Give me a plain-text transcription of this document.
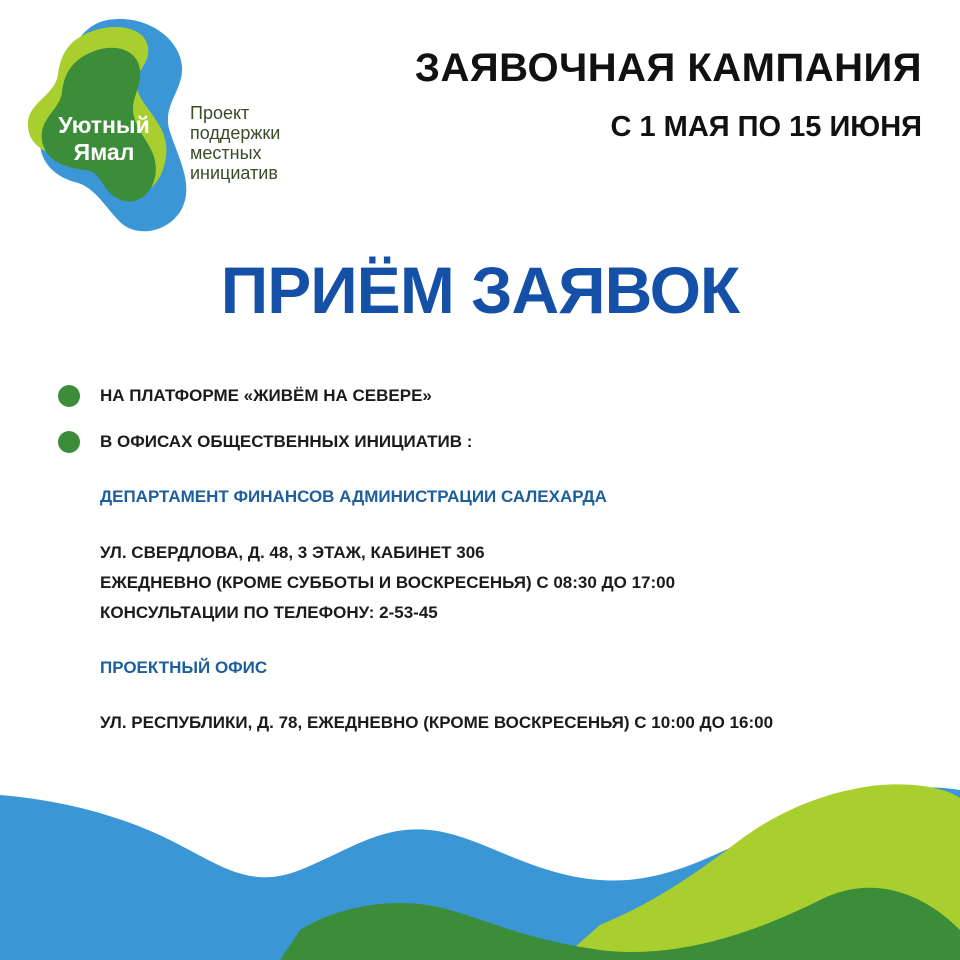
Уютный
Ямал
Проект
поддержки
местных
инициатив
ЗАЯВОЧНАЯ КАМПАНИЯ
С 1 МАЯ ПО 15 ИЮНЯ
ПРИЁМ ЗАЯВОК
НА ПЛАТФОРМЕ «ЖИВЁМ НА СЕВЕРЕ»
В ОФИСАХ ОБЩЕСТВЕННЫХ ИНИЦИАТИВ :
ДЕПАРТАМЕНТ ФИНАНСОВ АДМИНИСТРАЦИИ САЛЕХАРДА
УЛ. СВЕРДЛОВА, Д. 48, 3 ЭТАЖ, КАБИНЕТ 306
ЕЖЕДНЕВНО (КРОМЕ СУББОТЫ И ВОСКРЕСЕНЬЯ) С 08:30 ДО 17:00
КОНСУЛЬТАЦИИ ПО ТЕЛЕФОНУ: 2-53-45
ПРОЕКТНЫЙ ОФИС
УЛ. РЕСПУБЛИКИ, Д. 78, ЕЖЕДНЕВНО (КРОМЕ ВОСКРЕСЕНЬЯ) С 10:00 ДО 16:00
